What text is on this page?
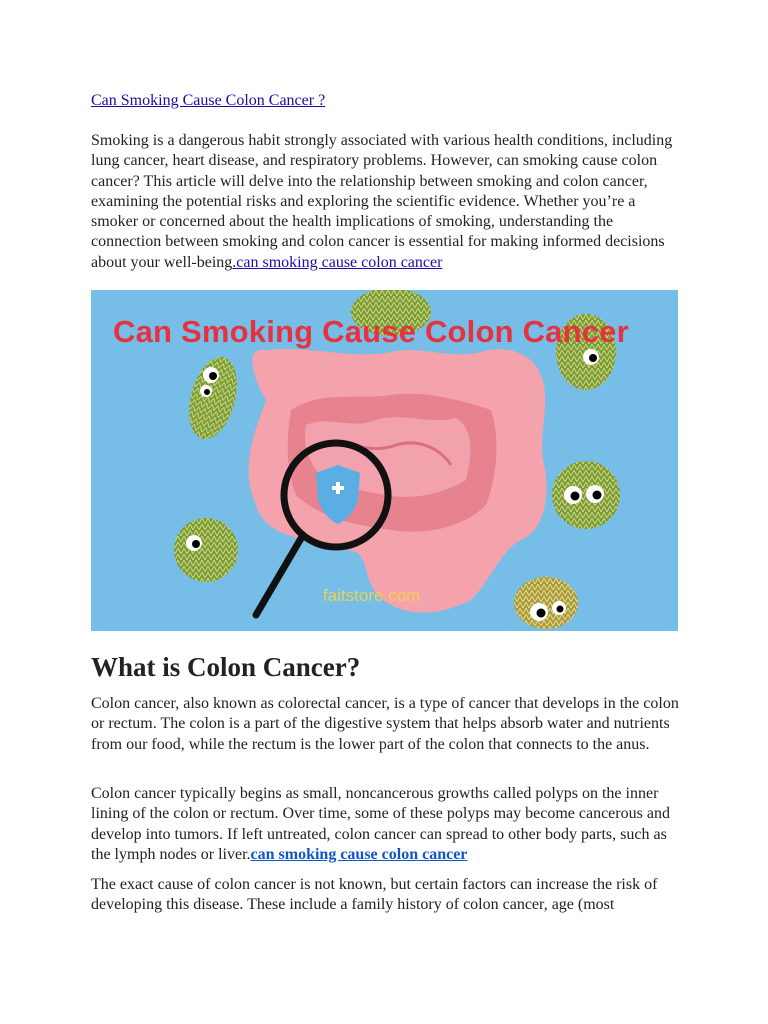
Can Smoking Cause Colon Cancer ?

Smoking is a dangerous habit strongly associated with various health conditions, including lung cancer, heart disease, and respiratory problems. However, can smoking cause colon cancer? This article will delve into the relationship between smoking and colon cancer, examining the potential risks and exploring the scientific evidence. Whether you’re a smoker or concerned about the health implications of smoking, understanding the connection between smoking and colon cancer is essential for making informed decisions about your well-being.can smoking cause colon cancer

Can Smoking Cause Colon Cancer
faitstore.com
What is Colon Cancer?

Colon cancer, also known as colorectal cancer, is a type of cancer that develops in the colon or rectum. The colon is a part of the digestive system that helps absorb water and nutrients from our food, while the rectum is the lower part of the colon that connects to the anus.

Colon cancer typically begins as small, noncancerous growths called polyps on the inner lining of the colon or rectum. Over time, some of these polyps may become cancerous and develop into tumors. If left untreated, colon cancer can spread to other body parts, such as the lymph nodes or liver.can smoking cause colon cancer

The exact cause of colon cancer is not known, but certain factors can increase the risk of developing this disease. These include a family history of colon cancer, age (most
